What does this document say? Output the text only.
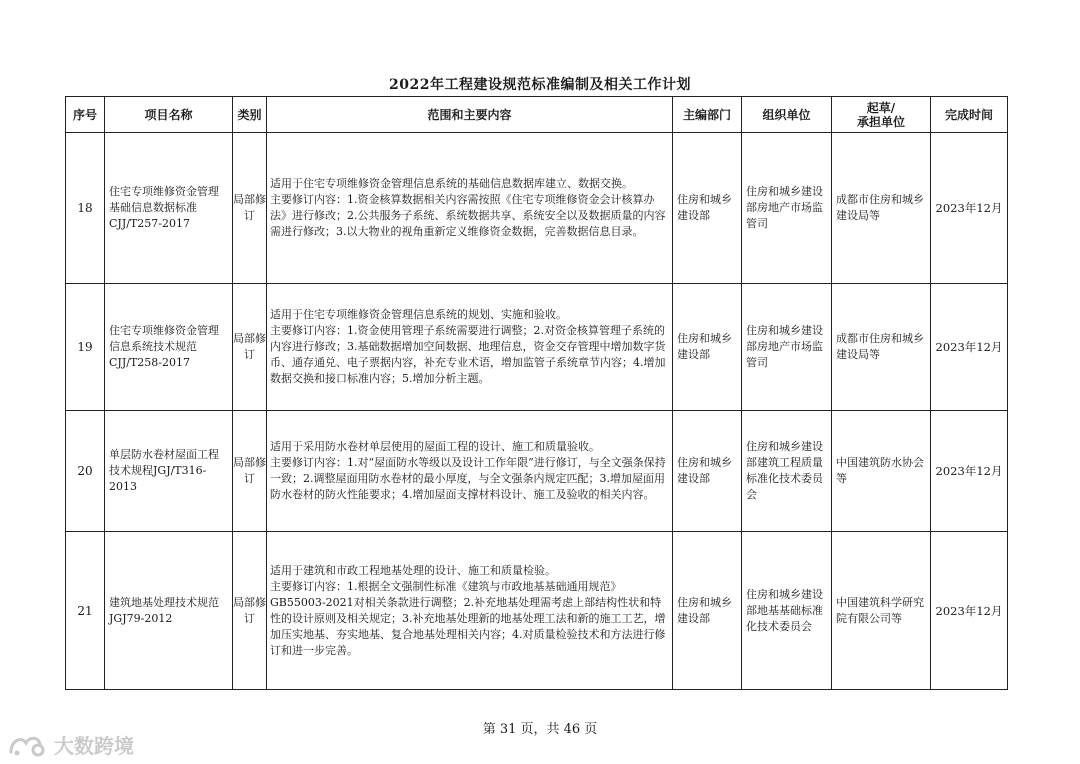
2022年工程建设规范标准编制及相关工作计划
序号	项目名称	类别	范围和主要内容	主编部门	组织单位	起草/
承担单位	完成时间
18	住宅专项维修资金管理基础信息数据标准CJJ/T257-2017	局部修订	适用于住宅专项维修资金管理信息系统的基础信息数据库建立、数据交换。
主要修订内容：1.资金核算数据相关内容需按照《住宅专项维修资金会计核算办法》进行修改；2.公共服务子系统、系统数据共享、系统安全以及数据质量的内容需进行修改；3.以大物业的视角重新定义维修资金数据，完善数据信息目录。	住房和城乡建设部	住房和城乡建设部房地产市场监管司	成都市住房和城乡建设局等	2023年12月
19	住宅专项维修资金管理信息系统技术规范CJJ/T258-2017	局部修订	适用于住宅专项维修资金管理信息系统的规划、实施和验收。
主要修订内容：1.资金使用管理子系统需要进行调整；2.对资金核算管理子系统的内容进行修改；3.基础数据增加空间数据、地理信息，资金交存管理中增加数字货币、通存通兑、电子票据内容，补充专业术语，增加监管子系统章节内容；4.增加数据交换和接口标准内容；5.增加分析主题。	住房和城乡建设部	住房和城乡建设部房地产市场监管司	成都市住房和城乡建设局等	2023年12月
20	单层防水卷材屋面工程技术规程JGJ/T316-2013	局部修订	适用于采用防水卷材单层使用的屋面工程的设计、施工和质量验收。
主要修订内容：1.对“屋面防水等级以及设计工作年限”进行修订，与全文强条保持一致；2.调整屋面用防水卷材的最小厚度，与全文强条内规定匹配；3.增加屋面用防水卷材的防火性能要求；4.增加屋面支撑材料设计、施工及验收的相关内容。	住房和城乡建设部	住房和城乡建设部建筑工程质量标准化技术委员会	中国建筑防水协会等	2023年12月
21	建筑地基处理技术规范JGJ79-2012	局部修订	适用于建筑和市政工程地基处理的设计、施工和质量检验。
主要修订内容：1.根据全文强制性标准《建筑与市政地基基础通用规范》GB55003-2021对相关条款进行调整；2.补充地基处理需考虑上部结构性状和特性的设计原则及相关规定；3.补充地基处理新的地基处理工法和新的施工工艺，增加压实地基、夯实地基、复合地基处理相关内容；4.对质量检验技术和方法进行修订和进一步完善。	住房和城乡建设部	住房和城乡建设部地基基础标准化技术委员会	中国建筑科学研究院有限公司等	2023年12月
第 31 页，共 46 页
大数跨境
